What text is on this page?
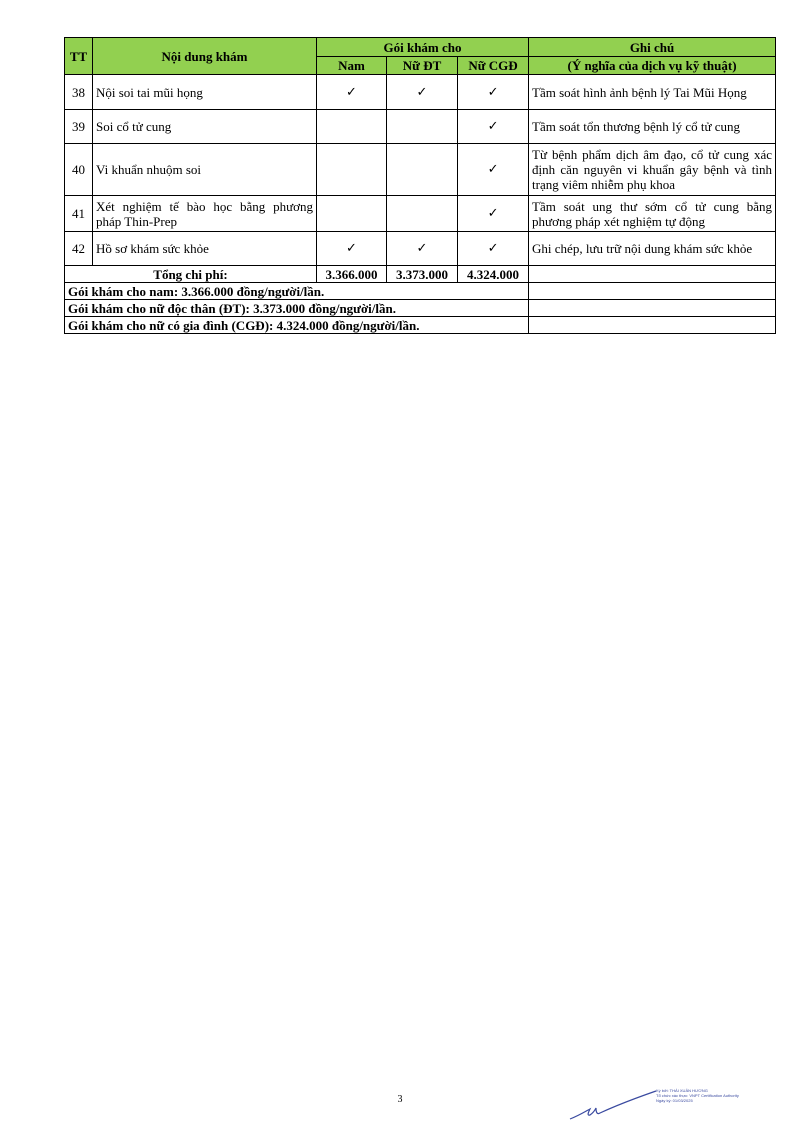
TT	Nội dung khám	Gói khám cho			Ghi chú
		Nam	Nữ ĐT	Nữ CGĐ	(Ý nghĩa của dịch vụ kỹ thuật)
38	Nội soi tai mũi họng	✓	✓	✓	Tầm soát hình ảnh bệnh lý Tai Mũi Họng
39	Soi cổ tử cung			✓	Tầm soát tổn thương bệnh lý cổ tử cung
40	Vi khuẩn nhuộm soi			✓	Từ bệnh phẩm dịch âm đạo, cổ tử cung xác định căn nguyên vi khuẩn gây bệnh và tình trạng viêm nhiễm phụ khoa
41	Xét nghiệm tế bào học bằng phương pháp Thin-Prep			✓	Tầm soát ung thư sớm cổ tử cung bằng phương pháp xét nghiệm tự động
42	Hồ sơ khám sức khỏe	✓	✓	✓	Ghi chép, lưu trữ nội dung khám sức khỏe
Tổng chi phí:		3.366.000	3.373.000	4.324.000	
Gói khám cho nam: 3.366.000 đồng/người/lần.					
Gói khám cho nữ độc thân (ĐT): 3.373.000 đồng/người/lần.					
Gói khám cho nữ có gia đình (CGĐ): 4.324.000 đồng/người/lần.					
3
Ký bởi: THÁI XUÂN HƯƠNG
Tổ chức xác thực: VNPT Certification Authority
Ngày ký: 01/03/2025
